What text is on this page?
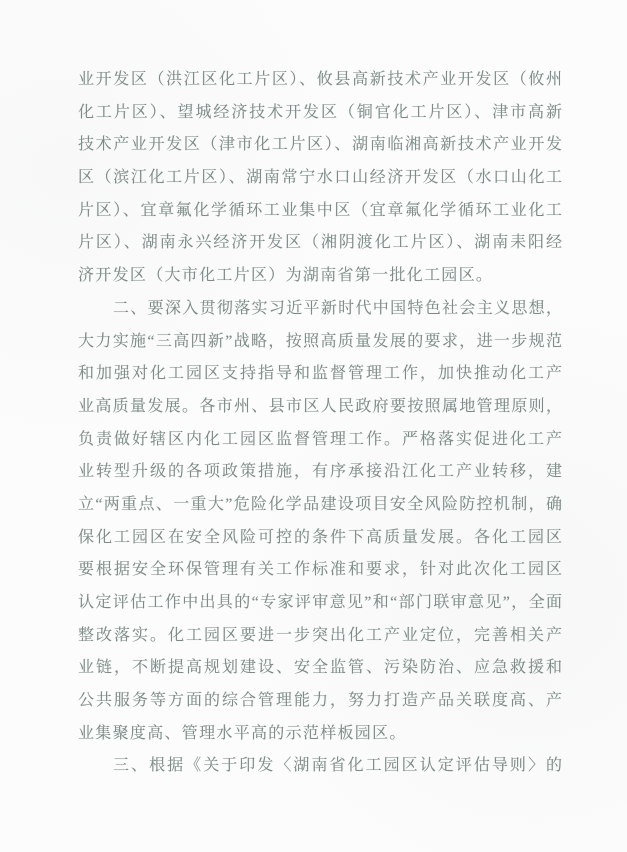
业开发区（洪江区化工片区）、攸县高新技术产业开发区（攸州
化工片区）、望城经济技术开发区（铜官化工片区）、津市高新
技术产业开发区（津市化工片区）、湖南临湘高新技术产业开发
区（滨江化工片区）、湖南常宁水口山经济开发区（水口山化工
片区）、宜章氟化学循环工业集中区（宜章氟化学循环工业化工
片区）、湖南永兴经济开发区（湘阴渡化工片区）、湖南耒阳经
济开发区（大市化工片区）为湖南省第一批化工园区。
二、要深入贯彻落实习近平新时代中国特色社会主义思想，
大力实施“三高四新”战略，按照高质量发展的要求，进一步规范
和加强对化工园区支持指导和监督管理工作，加快推动化工产
业高质量发展。各市州、县市区人民政府要按照属地管理原则，
负责做好辖区内化工园区监督管理工作。严格落实促进化工产
业转型升级的各项政策措施，有序承接沿江化工产业转移，建
立“两重点、一重大”危险化学品建设项目安全风险防控机制，确
保化工园区在安全风险可控的条件下高质量发展。各化工园区
要根据安全环保管理有关工作标准和要求，针对此次化工园区
认定评估工作中出具的“专家评审意见”和“部门联审意见”，全面
整改落实。化工园区要进一步突出化工产业定位，完善相关产
业链，不断提高规划建设、安全监管、污染防治、应急救援和
公共服务等方面的综合管理能力，努力打造产品关联度高、产
业集聚度高、管理水平高的示范样板园区。
三、根据《关于印发〈湖南省化工园区认定评估导则〉的
